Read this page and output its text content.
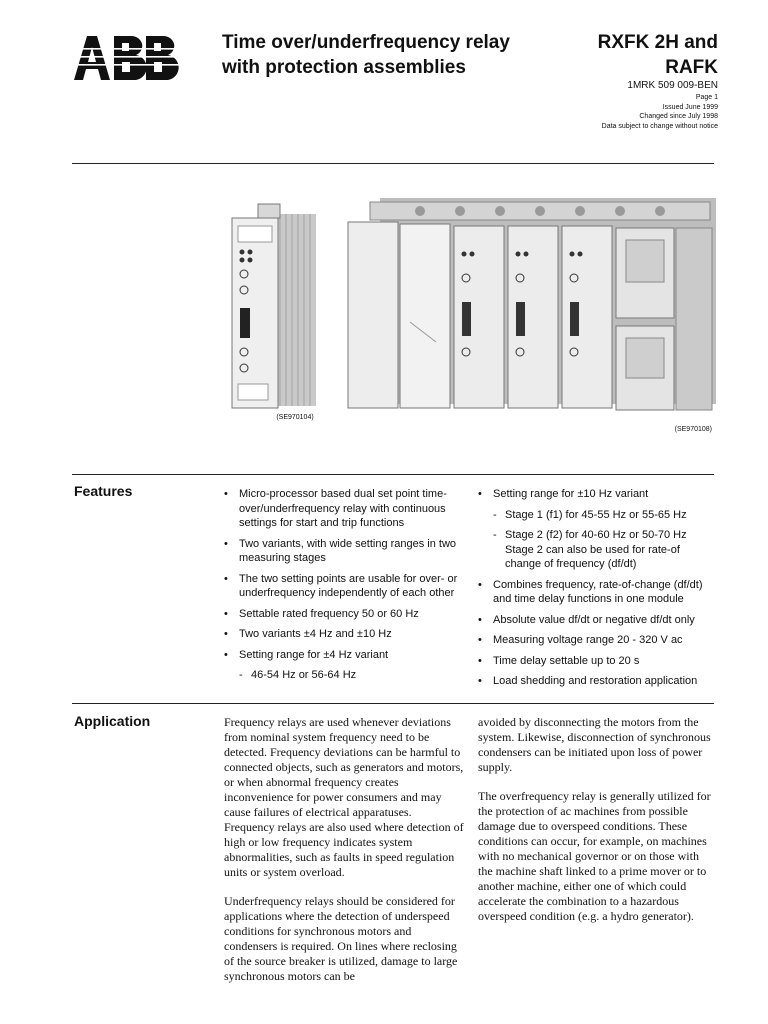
Time over/underfrequency relay with protection assemblies
RXFK 2H and RAFK
1MRK 509 009-BEN
Page 1
Issued June 1999
Changed since July 1998
Data subject to change without notice
(SE970104)
(SE970108)
Features	• Micro-processor based dual set point time-over/underfrequency relay with continuous settings for start and trip functions
• Two variants, with wide setting ranges in two measuring stages
• The two setting points are usable for over- or underfrequency independently of each other
• Settable rated frequency 50 or 60 Hz
• Two variants ±4 Hz and ±10 Hz
• Setting range for ±4 Hz variant
- 46-54 Hz or 56-64 Hz
• Setting range for ±10 Hz variant
- Stage 1 (f1) for 45-55 Hz or 55-65 Hz
- Stage 2 (f2) for 40-60 Hz or 50-70 Hz Stage 2 can also be used for rate-of change of frequency (df/dt)
• Combines frequency, rate-of-change (df/dt) and time delay functions in one module
• Absolute value df/dt or negative df/dt only
• Measuring voltage range 20 - 320 V ac
• Time delay settable up to 20 s
• Load shedding and restoration application
Application	Frequency relays are used whenever deviations from nominal system frequency need to be detected. Frequency deviations can be harmful to connected objects, such as generators and motors, or when abnormal frequency creates inconvenience for power consumers and may cause failures of electrical apparatuses. Frequency relays are also used where detection of high or low frequency indicates system abnormalities, such as faults in speed regulation units or system overload.

Underfrequency relays should be considered for applications where the detection of underspeed conditions for synchronous motors and condensers is required. On lines where reclosing of the source breaker is utilized, damage to large synchronous motors can be

avoided by disconnecting the motors from the system. Likewise, disconnection of synchronous condensers can be initiated upon loss of power supply.

The overfrequency relay is generally utilized for the protection of ac machines from possible damage due to overspeed conditions. These conditions can occur, for example, on machines with no mechanical governor or on those with the machine shaft linked to a prime mover or to another machine, either one of which could accelerate the combination to a hazardous overspeed condition (e.g. a hydro generator).
